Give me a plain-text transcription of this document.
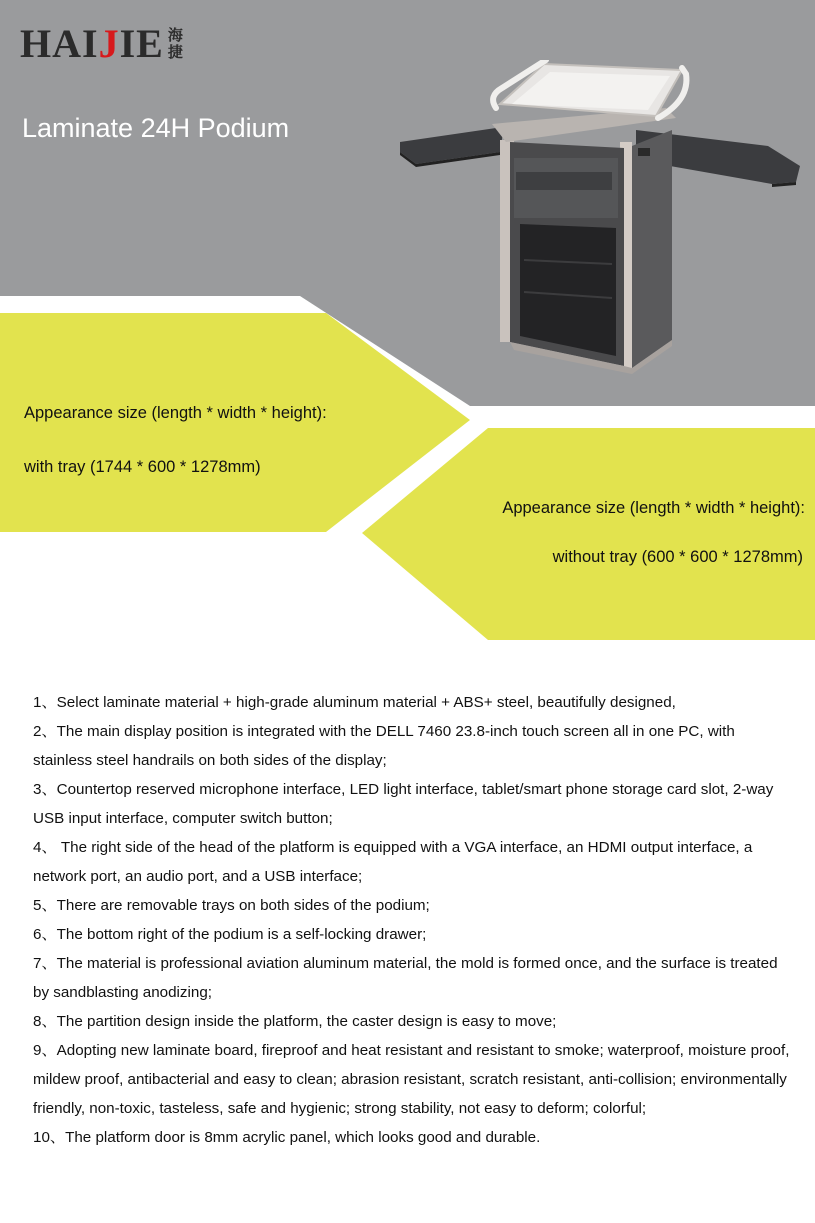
HAIJIE 海
捷
Laminate 24H Podium

Appearance size (length * width * height):

with tray (1744 * 600 * 1278mm)

Appearance size (length * width * height):

without tray (600 * 600 * 1278mm)

1、Select laminate material + high-grade aluminum material + ABS+ steel, beautifully designed,
2、The main display position is integrated with the DELL 7460 23.8-inch touch screen all in one PC, with stainless steel handrails on both sides of the display;
3、Countertop reserved microphone interface, LED light interface, tablet/smart phone storage card slot, 2-way USB input interface, computer switch button;
4、 The right side of the head of the platform is equipped with a VGA interface, an HDMI output interface, a network port, an audio port, and a USB interface;
5、There are removable trays on both sides of the podium;
6、The bottom right of the podium is a self-locking drawer;
7、The material is professional aviation aluminum material, the mold is formed once, and the surface is treated by sandblasting anodizing;
8、The partition design inside the platform, the caster design is easy to move;
9、Adopting new laminate board, fireproof and heat resistant and resistant to smoke; waterproof, moisture proof, mildew proof, antibacterial and easy to clean; abrasion resistant, scratch resistant, anti-collision; environmentally friendly, non-toxic, tasteless, safe and hygienic; strong stability, not easy to deform; colorful;
10、The platform door is 8mm acrylic panel, which looks good and durable.
